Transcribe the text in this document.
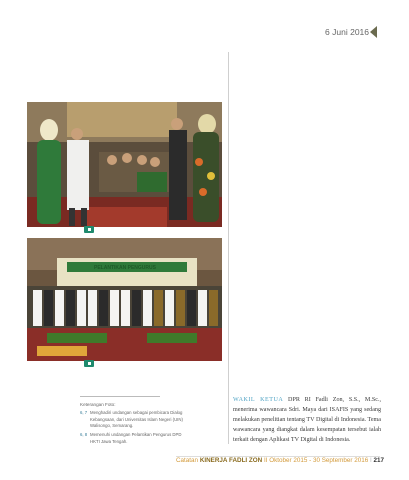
6 Juni 2016
PELANTIKAN PENGURUS
Keterangan Foto:
6, 7 Menghadiri undangan sebagai pembicara Dialog Kebangsaan, dari Universitas Islam Negeri (UIN) Walisongo, Semarang.
6, 8 Memenuhi undangan Pelantikan Pengurus DPD HKTI Jawa Tengah.
WAKIL KETUA DPR RI Fadli Zon, S.S., M.Sc., menerima wawancara Sdri. Maya dari ISAFIS yang sedang melakukan penelitian tentang TV Digital di Indonesia. Tema wawancara yang diangkat dalam kesempatan tersebut ialah terkait dengan Aplikasi TV Digital di Indonesia.
Catatan KINERJA FADLI ZON II Oktober 2015 - 30 September 2016 I 217
